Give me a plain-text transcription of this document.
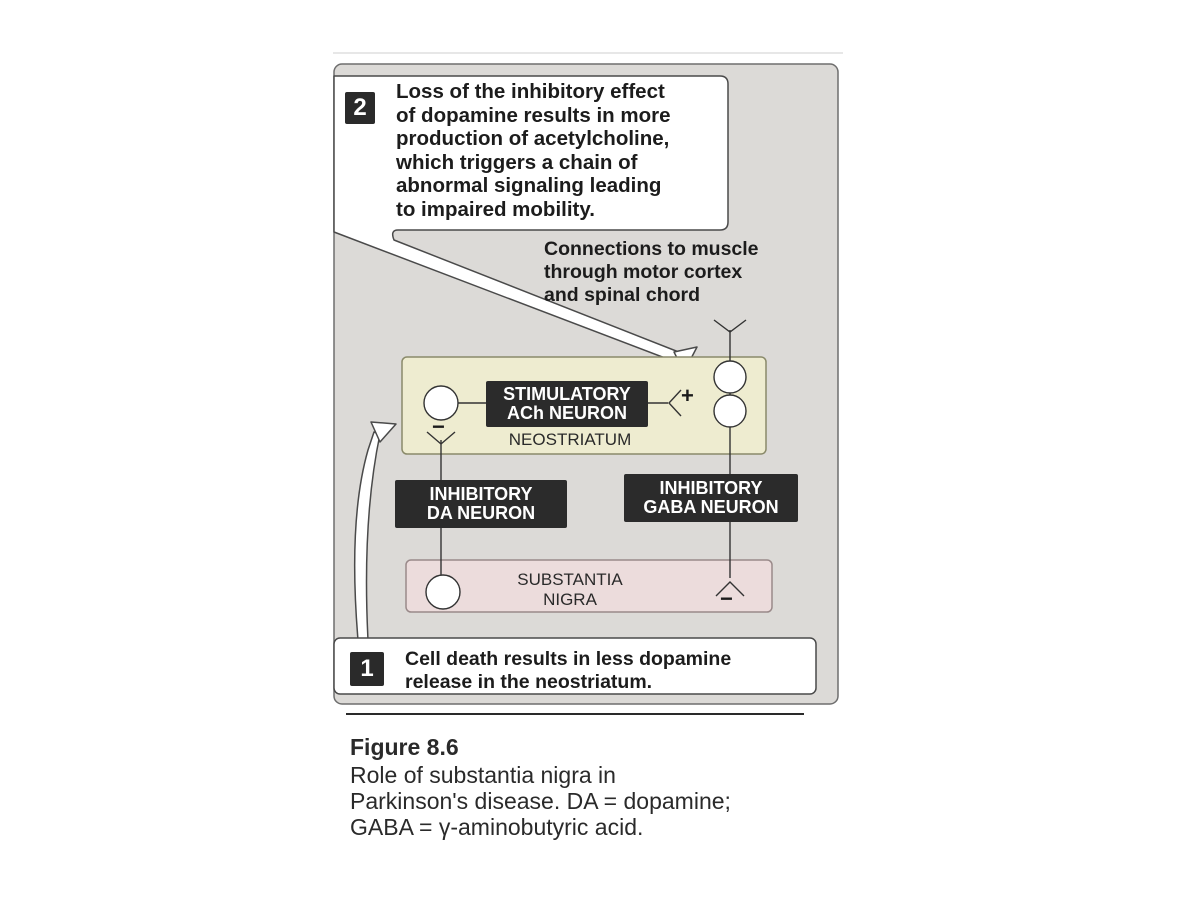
2
Loss of the inhibitory effect
of dopamine results in more
production of acetylcholine,
which triggers a chain of
abnormal signaling leading
to impaired mobility.
Connections to muscle
through motor cortex
and spinal chord
STIMULATORY
ACh NEURON
NEOSTRIATUM
+
−
INHIBITORY
DA NEURON
INHIBITORY
GABA NEURON
SUBSTANTIA
NIGRA	−
1	Cell death results in less dopamine
release in the neostriatum.
Figure 8.6
Role of substantia nigra in
Parkinson's disease. DA = dopamine;
GABA = γ-aminobutyric acid.
